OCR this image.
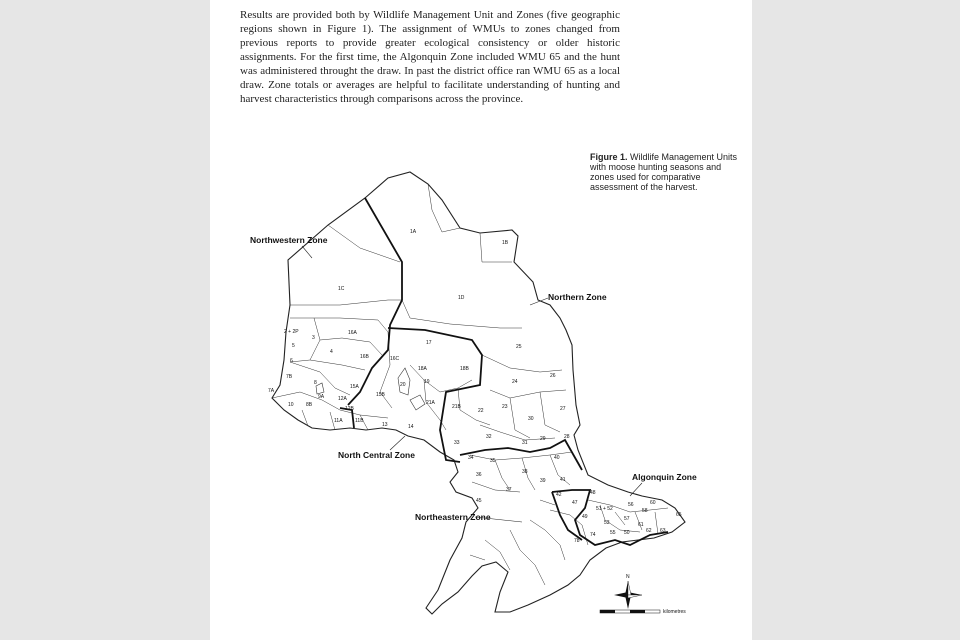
Results are provided both by Wildlife Management Unit and Zones (five geographic regions shown in Figure 1). The assignment of WMUs to zones changed from previous reports to provide greater ecological consistency or older historic assignments. For the first time, the Algonquin Zone included WMU 65 and the hunt was administered throught the draw. In past the district office ran WMU 65 as a local draw. Zone totals or averages are helpful to facilitate understanding of hunting and harvest characteristics through comparisons across the province.
Figure 1. Wildlife Management Units with moose hunting seasons and zones used for comparative assessment of the harvest.
Northwestern Zone
Northern Zone
North Central Zone
Algonquin Zone
Northeastern Zone
1A
1B
1C
1D
2 + 2P
3
16A
4
16B	16C
17
25
5
6
18A	18B
7B
8
15A	20	19	24
26
7A
9A	12A
15B
21A
21B
22
23
30
27
10 8B
12B
11A 11B
13	14
29	28
33
32
31
40
34	35
38
36
39	41
37
42
45	47
48
49
51 + 52
56
58
60
65
53
57
61
55 50	62 63
78
74
N
kilometres
